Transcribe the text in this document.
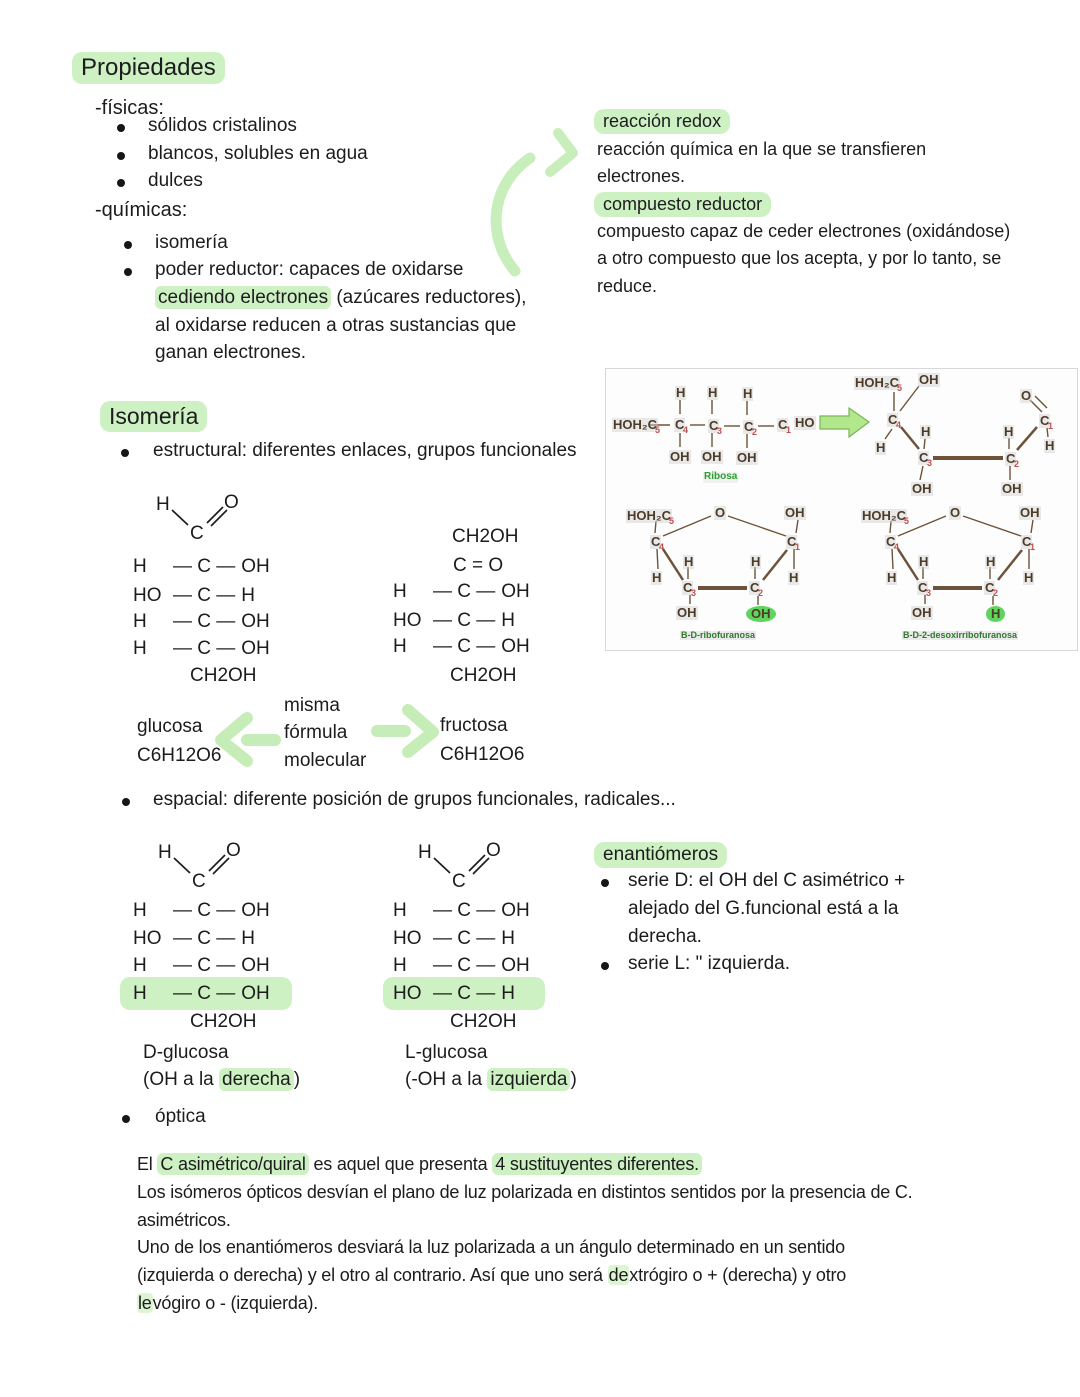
Propiedades
-físicas:
sólidos cristalinos
blancos, solubles en agua
dulces
-químicas:
isomería
poder reductor: capaces de oxidarse
cediendo electrones (azúcares reductores),
al oxidarse reducen a otras sustancias que
ganan electrones.
reacción redox
reacción química en la que se transfieren
electrones.
compuesto reductor
compuesto capaz de ceder electrones (oxidándose)
a otro compuesto que los acepta, y por lo tanto, se
reduce.
Isomería
estructural: diferentes enlaces, grupos funcionales
H	O
C
H	— C — OH
HO — C — H
H	— C — OH
H	— C — OH
CH2OH
CH2OH
C = O
H	— C — OH
HO — C — H
H	— C — OH
CH2OH
glucosa
C6H12O6
misma
fórmula
molecular
fructosa
C6H12O6
espacial: diferente posición de grupos funcionales, radicales...
H	O
C
H	— C — OH
HO — C — H
H	— C — OH
H	— C — OH
CH2OH
D-glucosa
(OH a la derecha )
H	O
C
H	— C — OH
HO — C — H
H	— C — OH
HO — C — H
CH2OH
L-glucosa
(-OH a la izquierda )
enantiómeros
serie D: el OH del C asimétrico +
alejado del G.funcional está a la
derecha.
serie L: " izquierda.
óptica
El C asimétrico/quiral es aquel que presenta 4 sustituyentes diferentes.
Los isómeros ópticos desvían el plano de luz polarizada en distintos sentidos por la presencia de C.
asimétricos.
Uno de los enantiómeros desviará la luz polarizada a un ángulo determinado en un sentido
(izquierda o derecha) y el otro al contrario. Así que uno será dextrógiro o + (derecha) y otro
levógiro o - (izquierda).
HOH₂C
5 C
4 C
3 C
2 C
1 HO
H H H
OH OH OH
Ribosa
HOH₂C
5
OH
C
4
H
H
C
3
OH
H
C
2
OH
C
1
O
H
HOH₂C
5
O	OH
C
4	C
1
H	H
H	H
C
3	C
2
OH	OH
B-D-ribofuranosa
HOH₂C
5
O	OH
C
4	C
1
H	H
H	H
C
3	C
2
OH	H
B-D-2-desoxirribofuranosa
